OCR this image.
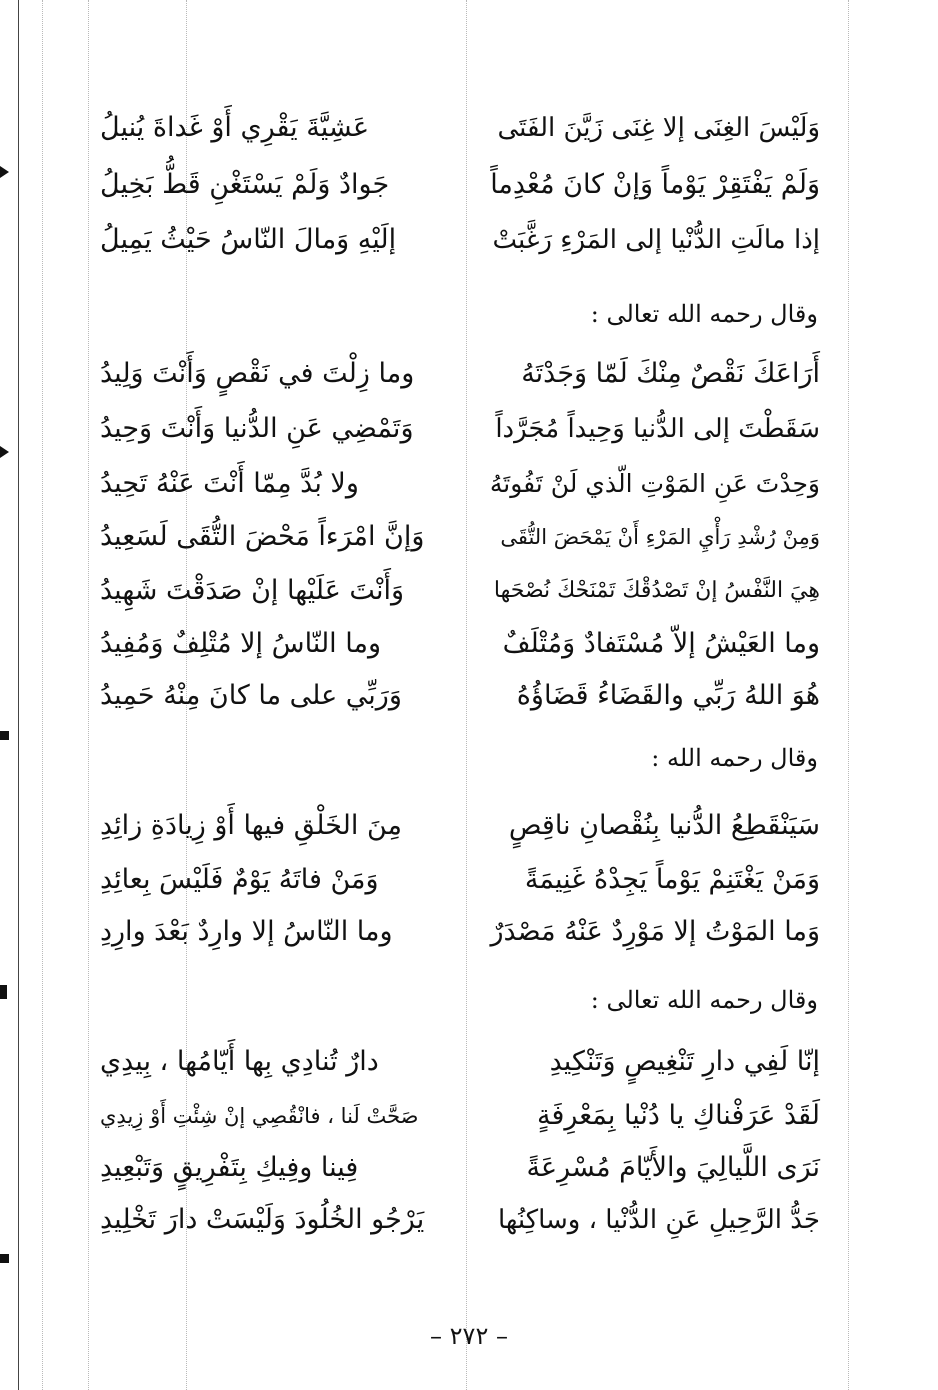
وَلَيْسَ الغِنَى إلا غِنَى زَيَّنَ الفَتَى
عَشِيَّةَ يَقْرِي أَوْ غَداةَ يُنيلُ
وَلَمْ يَفْتَقِرْ يَوْماً وَإنْ كانَ مُعْدِماً
جَوادٌ وَلَمْ يَسْتَغْنِ قَطُّ بَخِيلُ
إذا مالَتِ الدُّنْيا إلى المَرْءِ رَغَّبَتْ
إلَيْهِ وَمالَ النّاسُ حَيْثُ يَمِيلُ
وقال رحمه الله تعالى :
أَرَاعَكَ نَقْصٌ مِنْكَ لَمّا وَجَدْتَهُ
وما زِلْتَ في نَقْصٍ وَأَنْتَ وَلِيدُ
سَقَطْتَ إلى الدُّنيا وَحِيداً مُجَرَّداً
وَتَمْضِي عَنِ الدُّنيا وَأَنْتَ وَحِيدُ
وَحِدْتَ عَنِ المَوْتِ الّذي لَنْ تَفُوتَهُ
ولا بُدَّ مِمّا أَنْتَ عَنْهُ تَحِيدُ
وَمِنْ رُشْدِ رَأْيِ المَرْءِ أَنْ يَمْحَضَ التُّقَى
وَإنَّ امْرَءاً مَحْضَ التُّقَى لَسَعِيدُ
هِيَ النَّفْسُ إنْ تَصْدُقْكَ تَمْنَحْكَ نُصْحَها
وَأَنْتَ عَلَيْها إنْ صَدَقْتَ شَهِيدُ
وما العَيْشُ إلاّ مُسْتَفادٌ وَمُتْلَفٌ
وما النّاسُ إلا مُتْلِفٌ وَمُفِيدُ
هُوَ اللهُ رَبِّي والقَضَاءُ قَضَاؤُهُ
وَرَبِّي على ما كانَ مِنْهُ حَمِيدُ
وقال رحمه الله :
سَيَنْقَطِعُ الدُّنيا بِنُقْصانِ ناقِصٍ
مِنَ الخَلْقِ فيها أَوْ زِيادَةِ زائِدِ
وَمَنْ يَغْتَنِمْ يَوْماً يَجِدْهُ غَنِيمَةً
وَمَنْ فاتَهُ يَوْمٌ فَلَيْسَ بِعائِدِ
وَما المَوْتُ إلا مَوْرِدٌ عَنْهُ مَصْدَرٌ
وما النّاسُ إلا وارِدٌ بَعْدَ وارِدِ
وقال رحمه الله تعالى :
إنّا لَفِي دارِ تَنْغِيصٍ وَتَنْكِيدِ
دارٌ تُنادِي بِها أَيّامُها ، بِيدِي
لَقَدْ عَرَفْناكِ يا دُنْيا بِمَعْرِفَةٍ
صَحَّتْ لَنا ، فانْقُصِي إنْ شِئْتِ أَوْ زِيدِي
نَرَى اللَّيالِيَ والأَيّامَ مُسْرِعَةً
فِينا وفِيكِ بِتَفْرِيقٍ وَتَبْعِيدِ
جَدُّ الرَّحِيلِ عَنِ الدُّنْيا ، وساكِنُها
يَرْجُو الخُلُودَ وَلَيْسَتْ دارَ تَخْلِيدِ
– ٢٧٢ –
